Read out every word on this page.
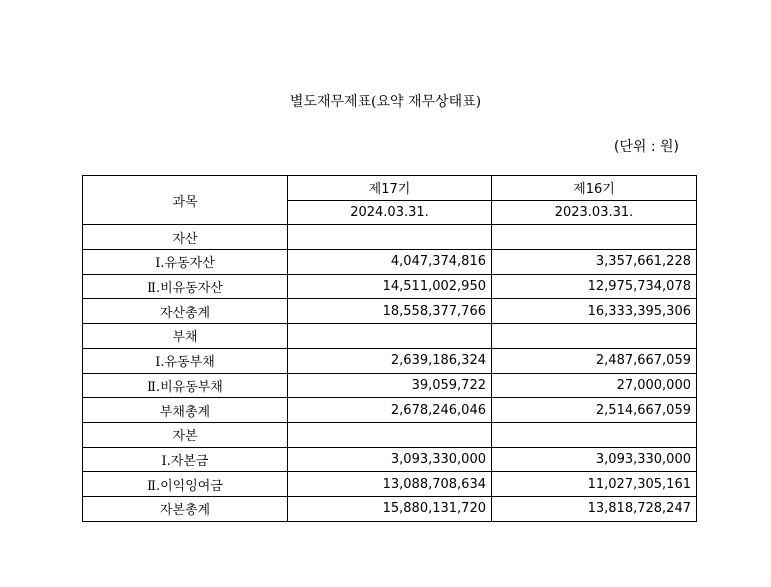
별도재무제표(요약 재무상태표)
(단위 : 원)
과목	제17기	제16기
	2024.03.31.	2023.03.31.
자산		
Ⅰ.유동자산	4,047,374,816	3,357,661,228
Ⅱ.비유동자산	14,511,002,950	12,975,734,078
자산총계	18,558,377,766	16,333,395,306
부채		
Ⅰ.유동부채	2,639,186,324	2,487,667,059
Ⅱ.비유동부채	39,059,722	27,000,000
부채총계	2,678,246,046	2,514,667,059
자본		
Ⅰ.자본금	3,093,330,000	3,093,330,000
Ⅱ.이익잉여금	13,088,708,634	11,027,305,161
자본총계	15,880,131,720	13,818,728,247
